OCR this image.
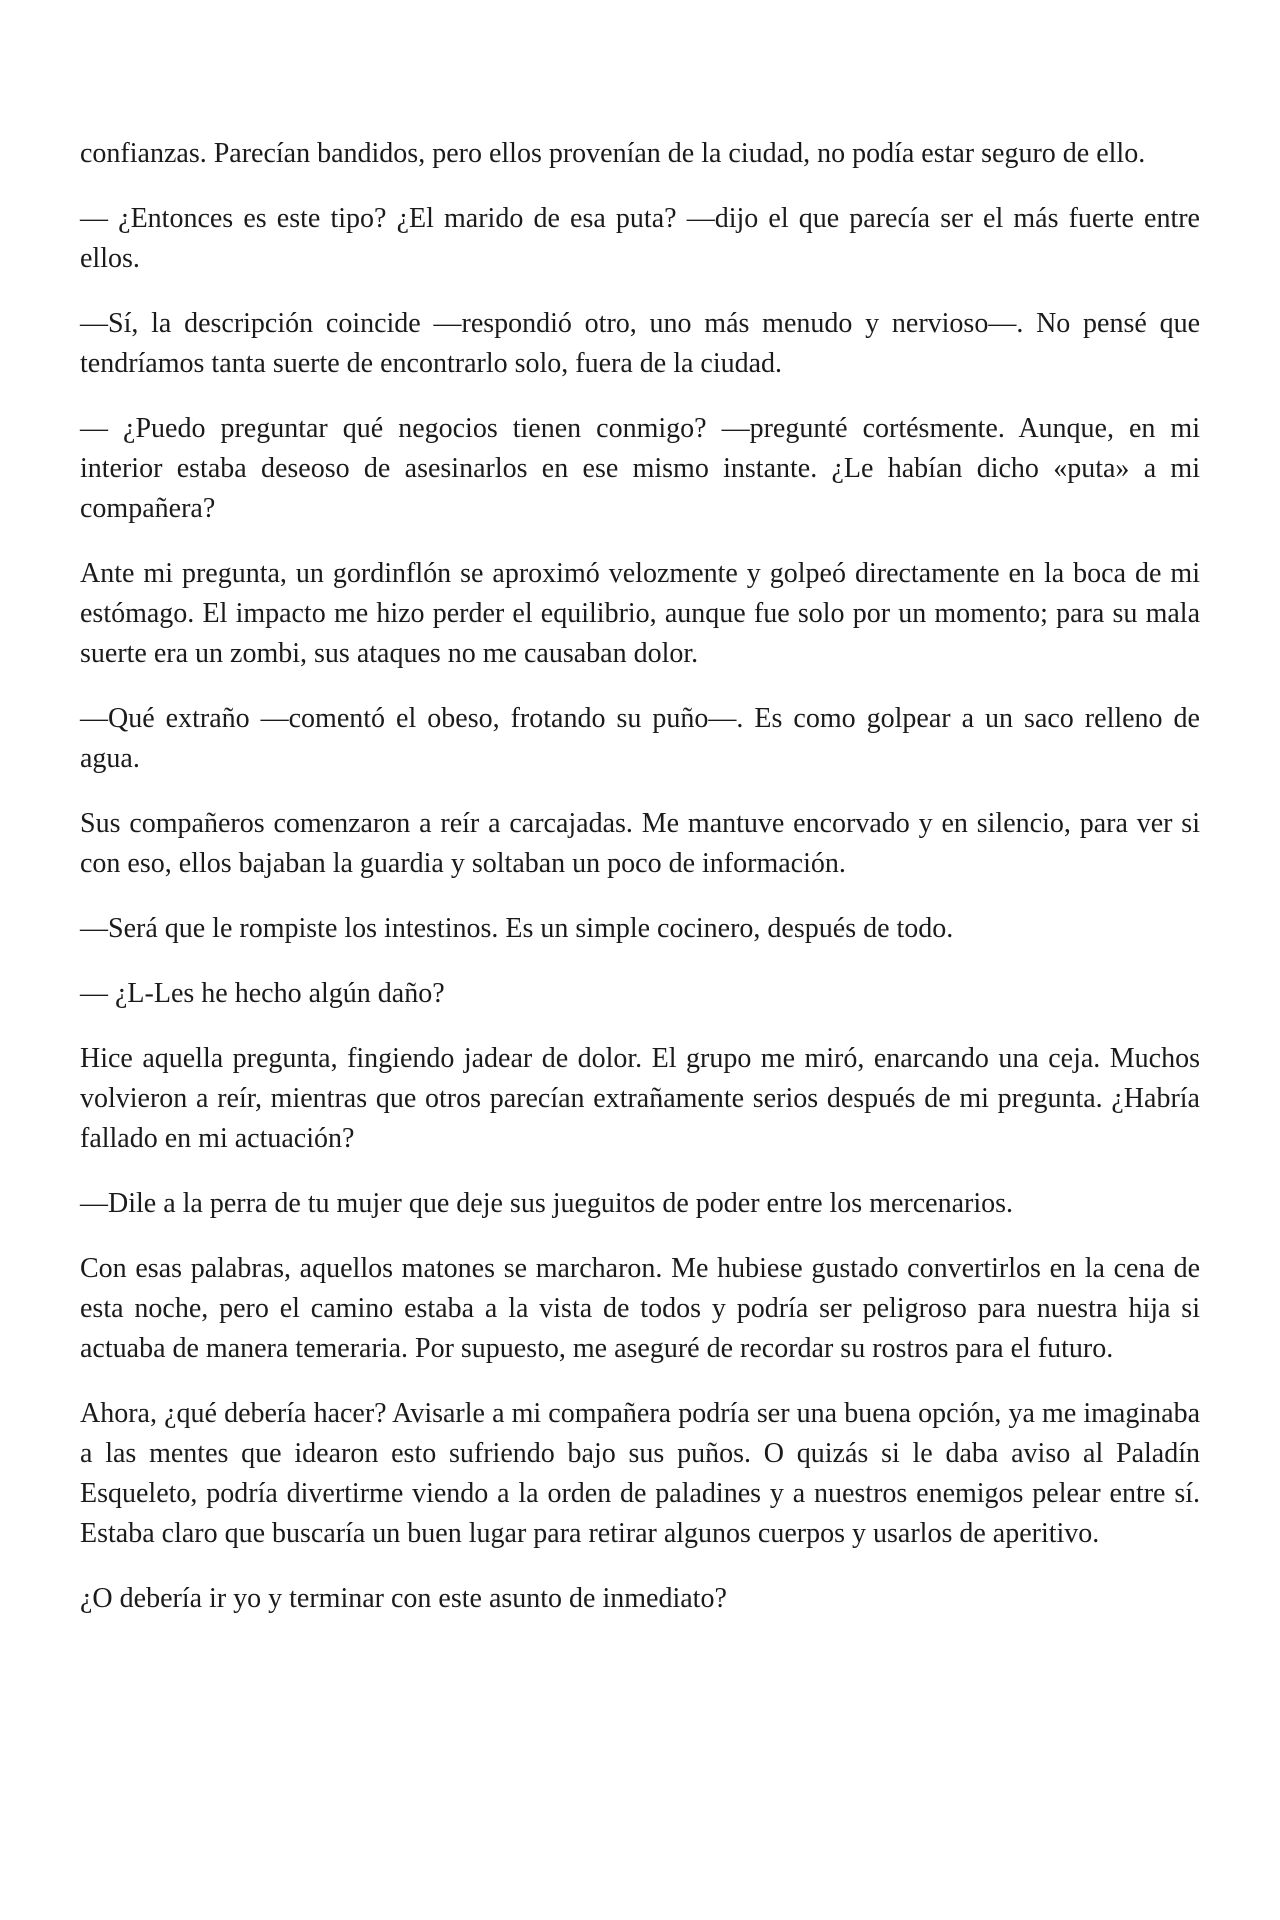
confianzas. Parecían bandidos, pero ellos provenían de la ciudad, no podía estar seguro de ello.

— ¿Entonces es este tipo? ¿El marido de esa puta? —dijo el que parecía ser el más fuerte entre ellos.

—Sí, la descripción coincide —respondió otro, uno más menudo y nervioso—. No pensé que tendríamos tanta suerte de encontrarlo solo, fuera de la ciudad.

— ¿Puedo preguntar qué negocios tienen conmigo? —pregunté cortésmente. Aunque, en mi interior estaba deseoso de asesinarlos en ese mismo instante. ¿Le habían dicho «puta» a mi compañera?

Ante mi pregunta, un gordinflón se aproximó velozmente y golpeó directamente en la boca de mi estómago. El impacto me hizo perder el equilibrio, aunque fue solo por un momento; para su mala suerte era un zombi, sus ataques no me causaban dolor.

—Qué extraño —comentó el obeso, frotando su puño—. Es como golpear a un saco relleno de agua.

Sus compañeros comenzaron a reír a carcajadas. Me mantuve encorvado y en silencio, para ver si con eso, ellos bajaban la guardia y soltaban un poco de información.

—Será que le rompiste los intestinos. Es un simple cocinero, después de todo.

— ¿L-Les he hecho algún daño?

Hice aquella pregunta, fingiendo jadear de dolor. El grupo me miró, enarcando una ceja. Muchos volvieron a reír, mientras que otros parecían extrañamente serios después de mi pregunta. ¿Habría fallado en mi actuación?

—Dile a la perra de tu mujer que deje sus jueguitos de poder entre los mercenarios.

Con esas palabras, aquellos matones se marcharon. Me hubiese gustado convertirlos en la cena de esta noche, pero el camino estaba a la vista de todos y podría ser peligroso para nuestra hija si actuaba de manera temeraria. Por supuesto, me aseguré de recordar su rostros para el futuro.

Ahora, ¿qué debería hacer? Avisarle a mi compañera podría ser una buena opción, ya me imaginaba a las mentes que idearon esto sufriendo bajo sus puños. O quizás si le daba aviso al Paladín Esqueleto, podría divertirme viendo a la orden de paladines y a nuestros enemigos pelear entre sí. Estaba claro que buscaría un buen lugar para retirar algunos cuerpos y usarlos de aperitivo.

¿O debería ir yo y terminar con este asunto de inmediato?
